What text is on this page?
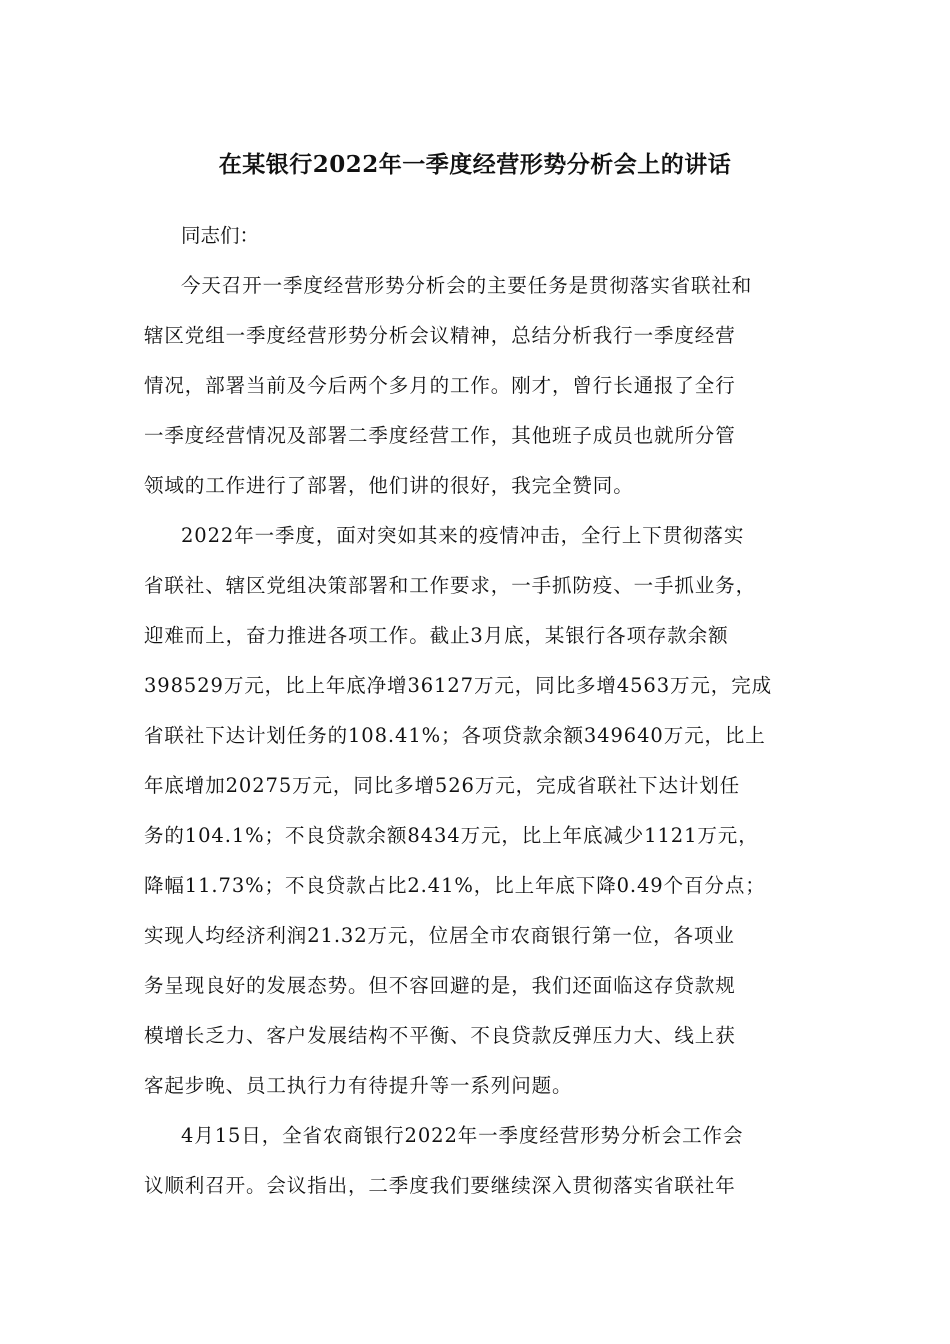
在某银行2022年一季度经营形势分析会上的讲话

同志们：

今天召开一季度经营形势分析会的主要任务是贯彻落实省联社和
辖区党组一季度经营形势分析会议精神，总结分析我行一季度经营
情况，部署当前及今后两个多月的工作。刚才，曾行长通报了全行
一季度经营情况及部署二季度经营工作，其他班子成员也就所分管
领域的工作进行了部署，他们讲的很好，我完全赞同。

2022年一季度，面对突如其来的疫情冲击，全行上下贯彻落实
省联社、辖区党组决策部署和工作要求，一手抓防疫、一手抓业务，
迎难而上，奋力推进各项工作。截止3月底，某银行各项存款余额
398529万元，比上年底净增36127万元，同比多增4563万元，完成
省联社下达计划任务的108.41%；各项贷款余额349640万元，比上
年底增加20275万元，同比多增526万元，完成省联社下达计划任
务的104.1%；不良贷款余额8434万元，比上年底减少1121万元，
降幅11.73%；不良贷款占比2.41%，比上年底下降0.49个百分点；
实现人均经济利润21.32万元，位居全市农商银行第一位，各项业
务呈现良好的发展态势。但不容回避的是，我们还面临这存贷款规
模增长乏力、客户发展结构不平衡、不良贷款反弹压力大、线上获
客起步晚、员工执行力有待提升等一系列问题。

4月15日，全省农商银行2022年一季度经营形势分析会工作会
议顺利召开。会议指出，二季度我们要继续深入贯彻落实省联社年
